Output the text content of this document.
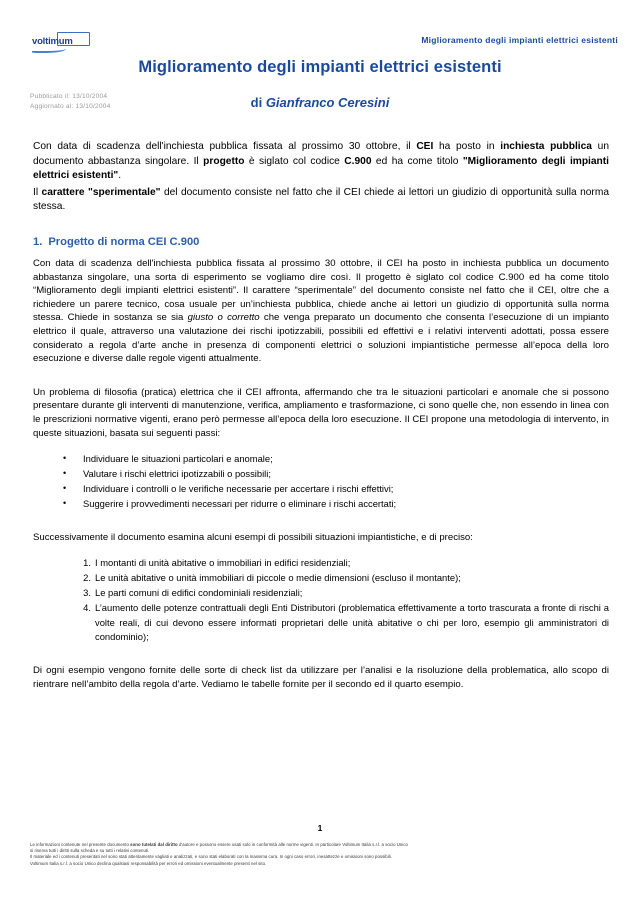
voltimum	Miglioramento degli impianti elettrici esistenti
Miglioramento degli impianti elettrici esistenti
Pubblicato il: 13/10/2004
Aggiornato al: 13/10/2004	di Gianfranco Ceresini

Con data di scadenza dell'inchiesta pubblica fissata al prossimo 30 ottobre, il CEI ha posto in inchiesta pubblica un documento abbastanza singolare. Il progetto è siglato col codice C.900 ed ha come titolo "Miglioramento degli impianti elettrici esistenti".

Il carattere "sperimentale" del documento consiste nel fatto che il CEI chiede ai lettori un giudizio di opportunità sulla norma stessa.

1. Progetto di norma CEI C.900

Con data di scadenza dell'inchiesta pubblica fissata al prossimo 30 ottobre, il CEI ha posto in inchiesta pubblica un documento abbastanza singolare, una sorta di esperimento se vogliamo dire così. Il progetto è siglato col codice C.900 ed ha come titolo “Miglioramento degli impianti elettrici esistenti”. Il carattere “sperimentale” del documento consiste nel fatto che il CEI, oltre che a richiedere un parere tecnico, cosa usuale per un’inchiesta pubblica, chiede anche ai lettori un giudizio di opportunità sulla norma stessa. Chiede in sostanza se sia giusto o corretto che venga preparato un documento che consenta l’esecuzione di un impianto elettrico il quale, attraverso una valutazione dei rischi ipotizzabili, possibili ed effettivi e i relativi interventi adottati, possa essere considerato a regola d’arte anche in presenza di componenti elettrici o soluzioni impiantistiche permesse all’epoca della loro esecuzione e diverse dalle regole vigenti attualmente.

Un problema di filosofia (pratica) elettrica che il CEI affronta, affermando che tra le situazioni particolari e anomale che si possono presentare durante gli interventi di manutenzione, verifica, ampliamento e trasformazione, ci sono quelle che, non essendo in linea con le prescrizioni normative vigenti, erano però permesse all’epoca della loro esecuzione. Il CEI propone una metodologia di intervento, in queste situazioni, basata sui seguenti passi:

• Individuare le situazioni particolari e anomale;
• Valutare i rischi elettrici ipotizzabili o possibili;
• Individuare i controlli o le verifiche necessarie per accertare i rischi effettivi;
• Suggerire i provvedimenti necessari per ridurre o eliminare i rischi accertati;

Successivamente il documento esamina alcuni esempi di possibili situazioni impiantistiche, e di preciso:

I montanti di unità abitative o immobiliari in edifici residenziali;
Le unità abitative o unità immobiliari di piccole o medie dimensioni (escluso il montante);
Le parti comuni di edifici condominiali residenziali;
L’aumento delle potenze contrattuali degli Enti Distributori (problematica effettivamente a torto trascurata a fronte di rischi a volte reali, di cui devono essere informati proprietari delle unità abitative o chi per loro, esempio gli amministratori di condominio);

Di ogni esempio vengono fornite delle sorte di check list da utilizzare per l’analisi e la risoluzione della problematica, allo scopo di rientrare nell’ambito della regola d’arte. Vediamo le tabelle fornite per il secondo ed il quarto esempio.

1

Le informazioni contenute nel presente documento sono tutelati dal diritto d'autore e possono essere usati solo in conformità alle norme vigenti. In particolare Voltimum Italia s.r.l. a socio Unico

si riserva tutti i diritti sulla scheda e su tutti i relativi contenuti.

Il materiale ed i contenuti presentati nel sono stati attentamente vagliati e analizzati, e sono stati elaborati con la massima cura. In ogni caso errori, inesattezze e omissioni sono possibili.

Voltimum Italia s.r.l. a socio Unico declina qualsiasi responsabilità per errori ed omissioni eventualmente presenti nel sito.
